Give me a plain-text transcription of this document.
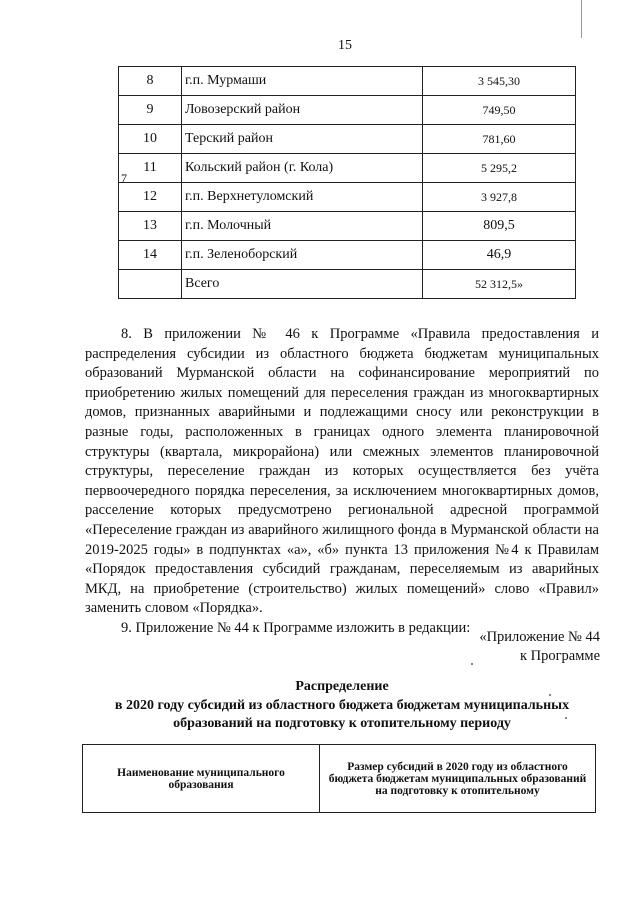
15
7
8	г.п. Мурмаши	3 545,30
9	Ловозерский район	749,50
10	Терский район	781,60
11	Кольский район (г. Кола)	5 295,2
12	г.п. Верхнетуломский	3 927,8
13	г.п. Молочный	809,5
14	г.п. Зеленоборский	46,9
	Всего	52 312,5»

8. В приложении № 46 к Программе «Правила предоставления и распределения субсидии из областного бюджета бюджетам муниципальных образований Мурманской области на софинансирование мероприятий по приобретению жилых помещений для переселения граждан из многоквартирных домов, признанных аварийными и подлежащими сносу или реконструкции в разные годы, расположенных в границах одного элемента планировочной структуры (квартала, микрорайона) или смежных элементов планировочной структуры, переселение граждан из которых осуществляется без учёта первоочередного порядка переселения, за исключением многоквартирных домов, расселение которых предусмотрено региональной адресной программой «Переселение граждан из аварийного жилищного фонда в Мурманской области на 2019-2025 годы» в подпунктах «а», «б» пункта 13 приложения №4 к Правилам «Порядок предоставления субсидий гражданам, переселяемым из аварийных МКД, на приобретение (строительство) жилых помещений» слово «Правил» заменить словом «Порядка».

9. Приложение № 44 к Программе изложить в редакции:

«Приложение № 44
к Программе
Распределение
в 2020 году субсидий из областного бюджета бюджетам муниципальных образований на подготовку к отопительному периоду
Наименование муниципального образования	Размер субсидий в 2020 году из областного бюджета бюджетам муниципальных образований на подготовку к отопительному
